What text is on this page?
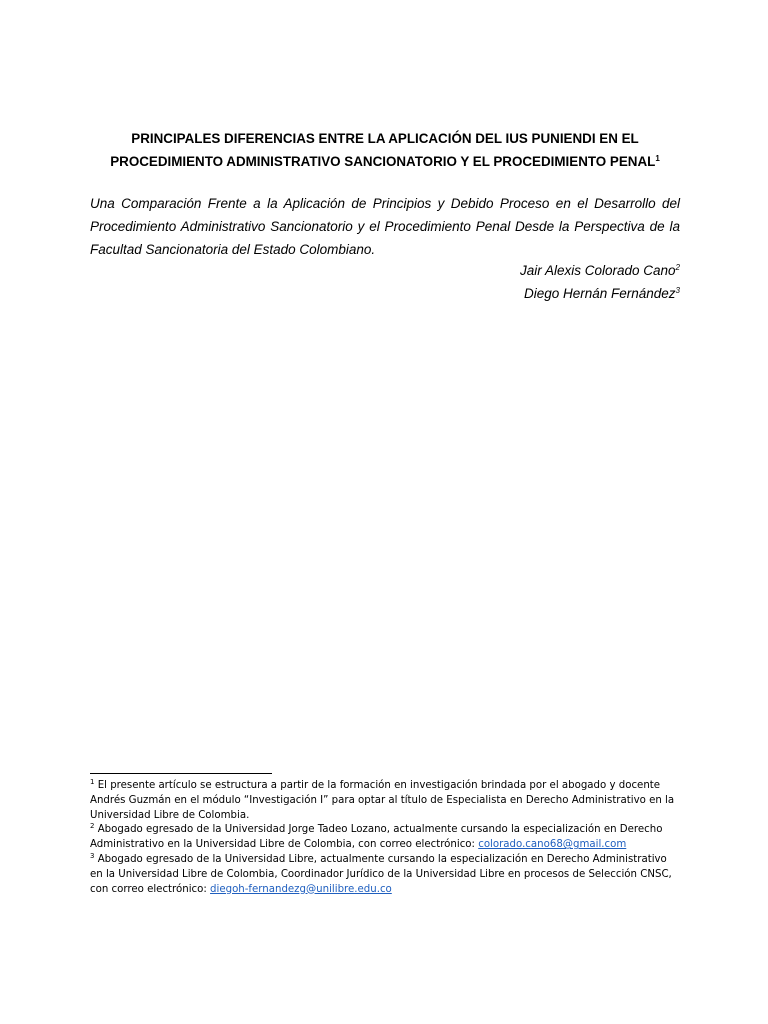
PRINCIPALES DIFERENCIAS ENTRE LA APLICACIÓN DEL IUS PUNIENDI EN EL
PROCEDIMIENTO ADMINISTRATIVO SANCIONATORIO Y EL PROCEDIMIENTO PENAL$^1$

Una Comparación Frente a la Aplicación de Principios y Debido Proceso en el Desarrollo del
Procedimiento Administrativo Sancionatorio y el Procedimiento Penal Desde la Perspectiva de la
Facultad Sancionatoria del Estado Colombiano.

Jair Alexis Colorado Cano$^2$
Diego Hernán Fernández$^3$
$^1$ El presente artículo se estructura a partir de la formación en investigación brindada por el abogado y docente
Andrés Guzmán en el módulo “Investigación I” para optar al título de Especialista en Derecho Administrativo en la
Universidad Libre de Colombia.
$^2$ Abogado egresado de la Universidad Jorge Tadeo Lozano, actualmente cursando la especialización en Derecho
Administrativo en la Universidad Libre de Colombia, con correo electrónico: colorado.cano68@gmail.com
$^3$ Abogado egresado de la Universidad Libre, actualmente cursando la especialización en Derecho Administrativo
en la Universidad Libre de Colombia, Coordinador Jurídico de la Universidad Libre en procesos de Selección CNSC,
con correo electrónico: diegoh-fernandezg@unilibre.edu.co
